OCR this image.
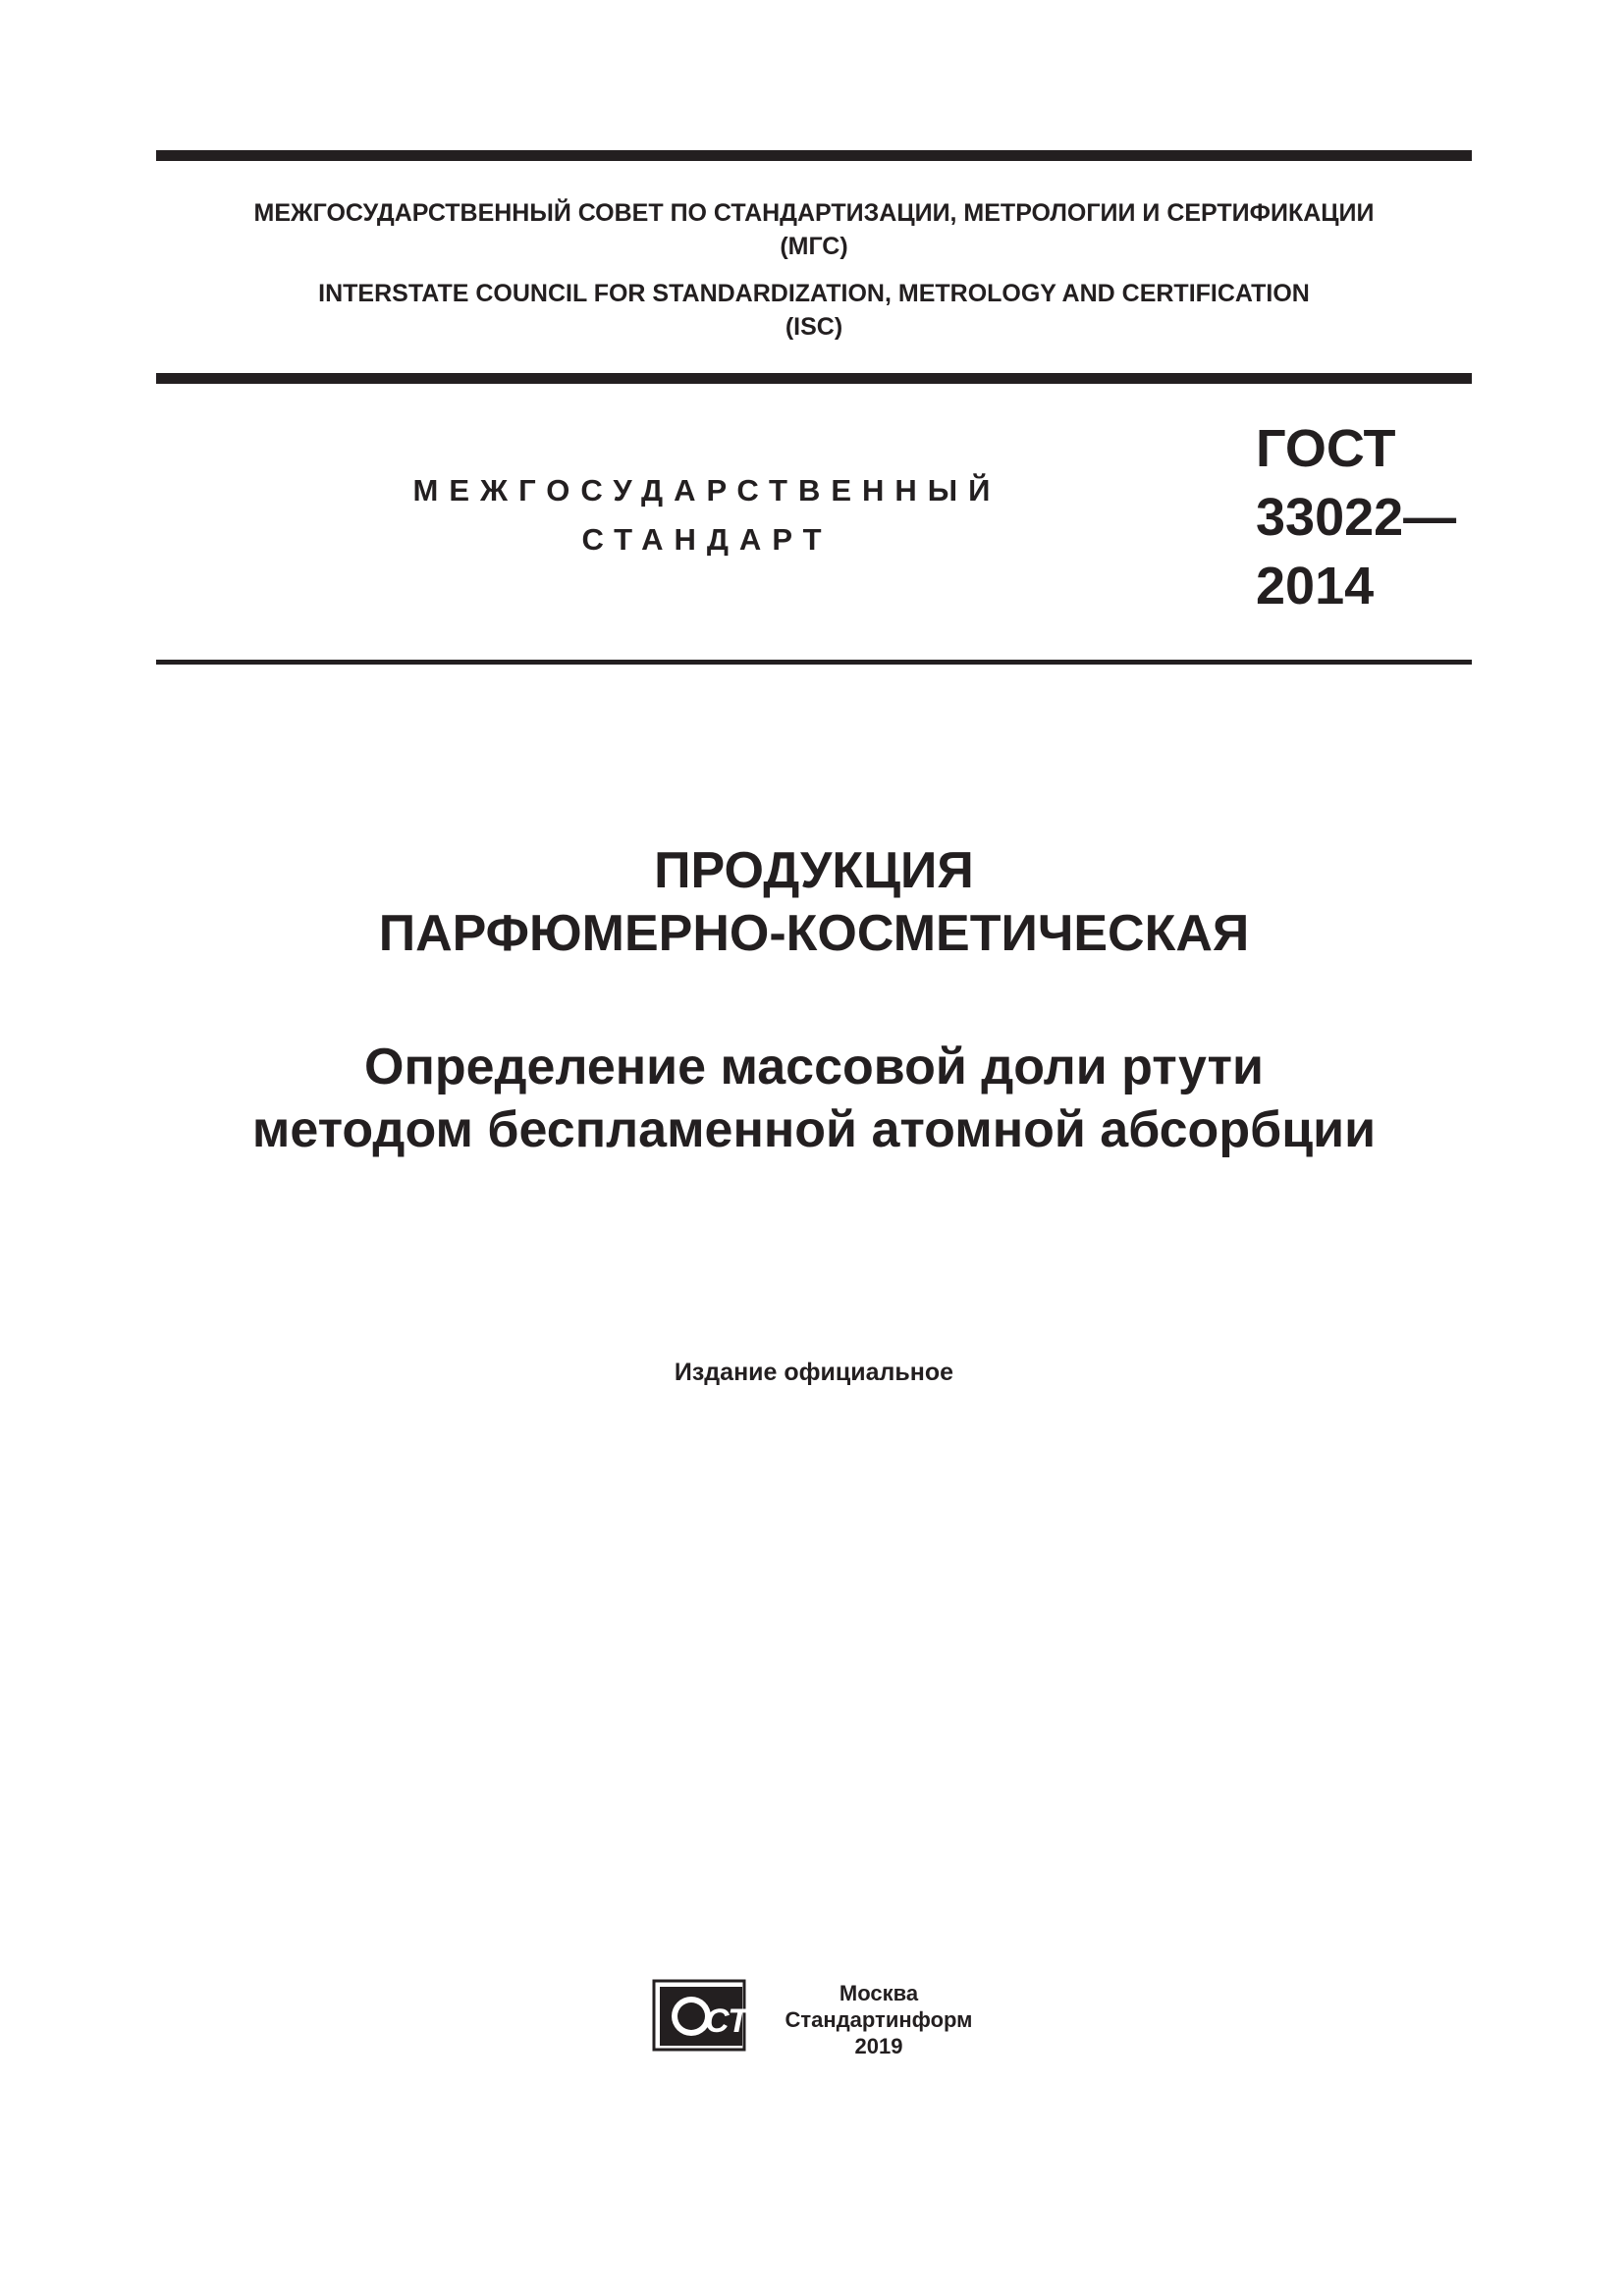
МЕЖГОСУДАРСТВЕННЫЙ СОВЕТ ПО СТАНДАРТИЗАЦИИ, МЕТРОЛОГИИ И СЕРТИФИКАЦИИ
(МГС)
INTERSTATE COUNCIL FOR STANDARDIZATION, METROLOGY AND CERTIFICATION
(ISC)
МЕЖГОСУДАРСТВЕННЫЙ
СТАНДАРТ
ГОСТ
33022—
2014
ПРОДУКЦИЯ
ПАРФЮМЕРНО-КОСМЕТИЧЕСКАЯ
Определение массовой доли ртути
методом беспламенной атомной абсорбции
Издание официальное
СТИ
Москва
Стандартинформ
2019
